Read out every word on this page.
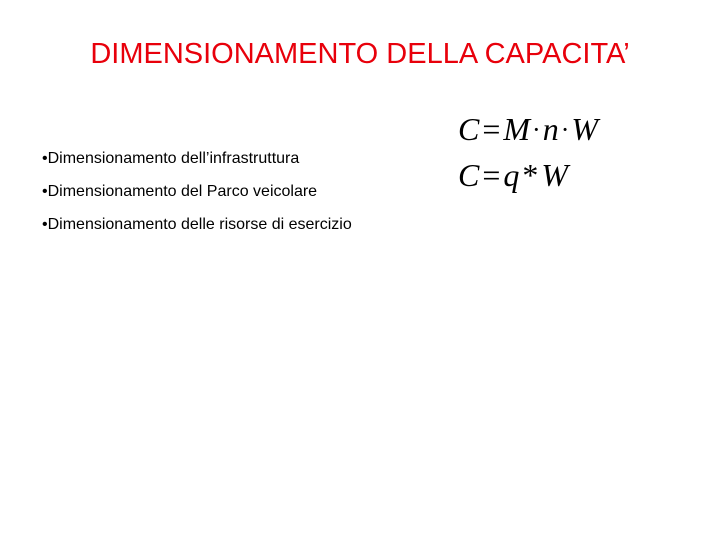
DIMENSIONAMENTO DELLA CAPACITA’
•Dimensionamento dell’infrastruttura
•Dimensionamento del Parco veicolare
•Dimensionamento delle risorse di esercizio
C=M·n·W
C=q*W
